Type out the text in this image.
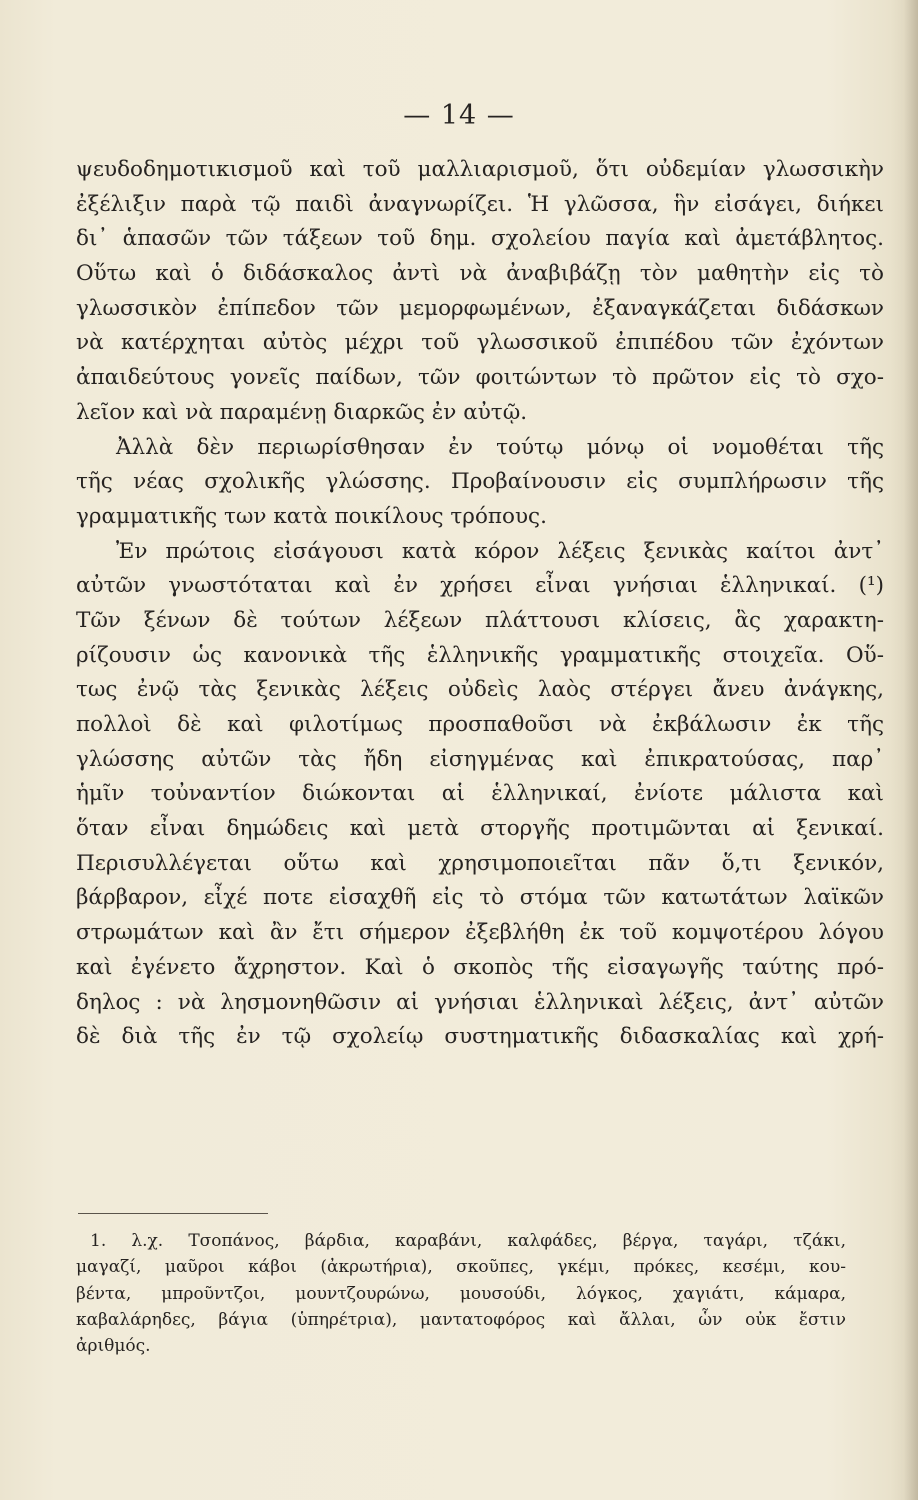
— 14 —
ψευδοδημοτικισμοῦ καὶ τοῦ μαλλιαρισμοῦ, ὅτι οὐδεμίαν γλωσσικὴν
ἐξέλιξιν παρὰ τῷ παιδὶ ἀναγνωρίζει. Ἡ γλῶσσα, ἣν εἰσάγει, διήκει
δι᾽ ἁπασῶν τῶν τάξεων τοῦ δημ. σχολείου παγία καὶ ἀμετάβλητος.
Οὕτω καὶ ὁ διδάσκαλος ἀντὶ νὰ ἀναβιβάζῃ τὸν μαθητὴν εἰς τὸ
γλωσσικὸν ἐπίπεδον τῶν μεμορφωμένων, ἐξαναγκάζεται διδάσκων
νὰ κατέρχηται αὐτὸς μέχρι τοῦ γλωσσικοῦ ἐπιπέδου τῶν ἐχόντων
ἀπαιδεύτους γονεῖς παίδων, τῶν φοιτώντων τὸ πρῶτον εἰς τὸ σχο-
λεῖον καὶ νὰ παραμένῃ διαρκῶς ἐν αὐτῷ.
Ἀλλὰ δὲν περιωρίσθησαν ἐν τούτῳ μόνῳ οἱ νομοθέται τῆς
τῆς νέας σχολικῆς γλώσσης. Προβαίνουσιν εἰς συμπλήρωσιν τῆς
γραμματικῆς των κατὰ ποικίλους τρόπους.
Ἐν πρώτοις εἰσάγουσι κατὰ κόρον λέξεις ξενικὰς καίτοι ἀντ᾽
αὐτῶν γνωστόταται καὶ ἐν χρήσει εἶναι γνήσιαι ἑλληνικαί. (¹)
Τῶν ξένων δὲ τούτων λέξεων πλάττουσι κλίσεις, ἃς χαρακτη-
ρίζουσιν ὡς κανονικὰ τῆς ἑλληνικῆς γραμματικῆς στοιχεῖα. Οὕ-
τως ἐνῷ τὰς ξενικὰς λέξεις οὐδεὶς λαὸς στέργει ἄνευ ἀνάγκης,
πολλοὶ δὲ καὶ φιλοτίμως προσπαθοῦσι νὰ ἐκβάλωσιν ἐκ τῆς
γλώσσης αὐτῶν τὰς ἤδη εἰσηγμένας καὶ ἐπικρατούσας, παρ᾽
ἡμῖν τοὐναντίον διώκονται αἱ ἑλληνικαί, ἐνίοτε μάλιστα καὶ
ὅταν εἶναι δημώδεις καὶ μετὰ στοργῆς προτιμῶνται αἱ ξενικαί.
Περισυλλέγεται οὕτω καὶ χρησιμοποιεῖται πᾶν ὅ,τι ξενικόν,
βάρβαρον, εἶχέ ποτε εἰσαχθῆ εἰς τὸ στόμα τῶν κατωτάτων λαϊκῶν
στρωμάτων καὶ ἂν ἔτι σήμερον ἐξεβλήθη ἐκ τοῦ κομψοτέρου λόγου
καὶ ἐγένετο ἄχρηστον. Καὶ ὁ σκοπὸς τῆς εἰσαγωγῆς ταύτης πρό-
δηλος : νὰ λησμονηθῶσιν αἱ γνήσιαι ἑλληνικαὶ λέξεις, ἀντ᾽ αὐτῶν
δὲ διὰ τῆς ἐν τῷ σχολείῳ συστηματικῆς διδασκαλίας καὶ χρή-
1. λ.χ. Τσοπάνος, βάρδια, καραβάνι, καλφάδες, βέργα, ταγάρι, τζάκι,
μαγαζί, μαῦροι κάβοι (ἀκρωτήρια), σκοῦπες, γκέμι, πρόκες, κεσέμι, κου-
βέντα, μπροῦντζοι, μουντζουρώνω, μουσούδι, λόγκος, χαγιάτι, κάμαρα,
καβαλάρηδες, βάγια (ὑπηρέτρια), μαντατοφόρος καὶ ἄλλαι, ὧν οὐκ ἔστιν
ἀριθμός.
